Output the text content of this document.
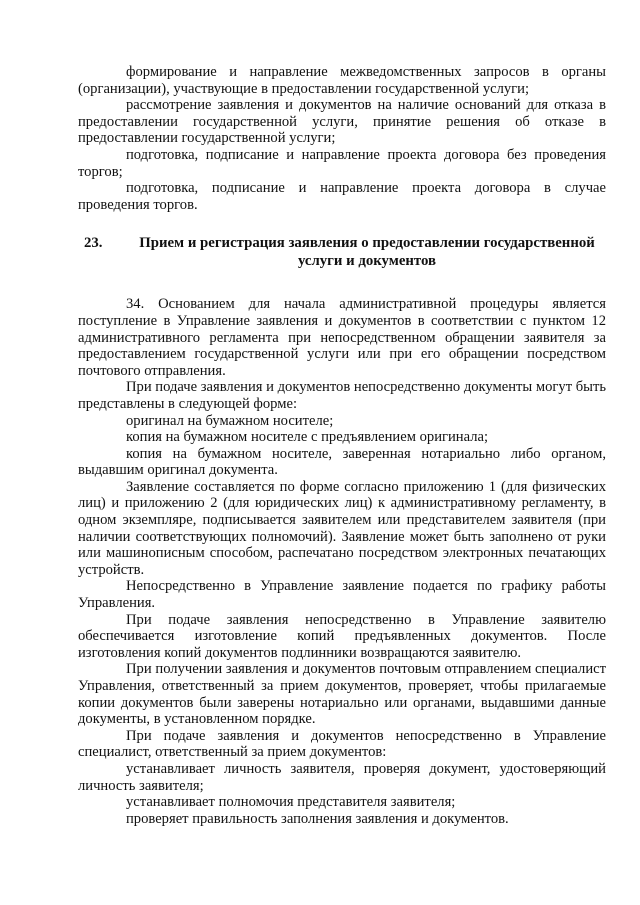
формирование и направление межведомственных запросов в органы (организации), участвующие в предоставлении государственной услуги;

рассмотрение заявления и документов на наличие оснований для отказа в предоставлении государственной услуги, принятие решения об отказе в предоставлении государственной услуги;

подготовка, подписание и направление проекта договора без проведения торгов;

подготовка, подписание и направление проекта договора в случае проведения торгов.

23.	Прием и регистрация заявления о предоставлении государственной услуги и документов

34. Основанием для начала административной процедуры является поступление в Управление заявления и документов в соответствии с пунктом 12 административного регламента при непосредственном обращении заявителя за предоставлением государственной услуги или при его обращении посредством почтового отправления.

При подаче заявления и документов непосредственно документы могут быть представлены в следующей форме:

оригинал на бумажном носителе;

копия на бумажном носителе с предъявлением оригинала;

копия на бумажном носителе, заверенная нотариально либо органом, выдавшим оригинал документа.

Заявление составляется по форме согласно приложению 1 (для физических лиц) и приложению 2 (для юридических лиц) к административному регламенту, в одном экземпляре, подписывается заявителем или представителем заявителя (при наличии соответствующих полномочий). Заявление может быть заполнено от руки или машинописным способом, распечатано посредством электронных печатающих устройств.

Непосредственно в Управление заявление подается по графику работы Управления.

При подаче заявления непосредственно в Управление заявителю обеспечивается изготовление копий предъявленных документов. После изготовления копий документов подлинники возвращаются заявителю.

При получении заявления и документов почтовым отправлением специалист Управления, ответственный за прием документов, проверяет, чтобы прилагаемые копии документов были заверены нотариально или органами, выдавшими данные документы, в установленном порядке.

При подаче заявления и документов непосредственно в Управление специалист, ответственный за прием документов:

устанавливает личность заявителя, проверяя документ, удостоверяющий личность заявителя;

устанавливает полномочия представителя заявителя;

проверяет правильность заполнения заявления и документов.
